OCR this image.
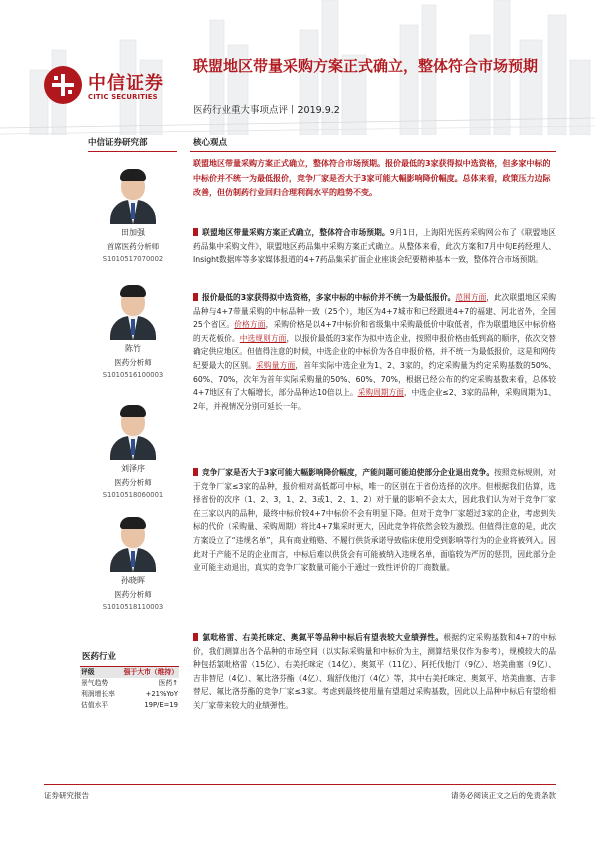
中信证券
CITIC SECURITIES
联盟地区带量采购方案正式确立，整体符合市场预期
医药行业重大事项点评丨2019.9.2
中信证券研究部	核心观点
田加强
首席医药分析师
S1010517070002
陈竹
医药分析师
S1010516100003
刘泽序
医药分析师
S1010518060001
孙晓晖
医药分析师
S1010518110003
医药行业
评级	强于大市（维持）
景气趋势	医药↑
利润增长率	+21%YoY
估值水平	19P/E=19
联盟地区带量采购方案正式确立，整体符合市场预期。报价最低的3家获得拟中选资格，但多家中标的中标价并不统一为最低报价，竞争厂家是否大于3家可能大幅影响降价幅度。总体来看，政策压力边际改善，但仿制药行业回归合理利润水平的趋势不变。
联盟地区带量采购方案正式确立，整体符合市场预期。9月1日，上海阳光医药采购网公布了《联盟地区药品集中采购文件》，联盟地区药品集中采购方案正式确立。从整体来看，此次方案和7月中旬E药经理人、Insight数据库等多家媒体报道的4+7药品集采扩面企业座谈会纪要精神基本一致，整体符合市场预期。
报价最低的3家获得拟中选资格，多家中标的中标价并不统一为最低报价。范围方面，此次联盟地区采购品种与4+7带量采购的中标品种一致（25个），地区为4+7城市和已经跟进4+7的福建、河北省外，全国25个省区。价格方面，采购价格是以4+7中标价和省级集中采购最低价中取低者，作为联盟地区中标价格的天花板价。中选规则方面，以报价最低的3家作为拟中选企业，按照申报价格由低到高的顺序，依次交替确定供应地区。但值得注意的时候，中选企业的中标价为各自申报价格，并不统一为最低报价，这是和网传纪要最大的区别。采购量方面，首年实际中选企业为1、2、3家的，约定采购量为约定采购基数的50%、60%、70%，次年为首年实际采购量的50%、60%、70%，根据已经公布的约定采购基数来看，总体较4+7地区有了大幅增长，部分品种达10倍以上。采购周期方面，中选企业≤2、3家的品种，采购周期为1、2年，并视情况分别可延长一年。
竞争厂家是否大于3家可能大幅影响降价幅度，产能问题可能迫使部分企业退出竞争。按照竞标规则，对于竞争厂家≤3家的品种，报价相对高低都可中标，唯一的区别在于省份选择的次序。但根据我们估算，选择省份的次序（1、2、3，1、2、3或1、2、1、2）对于量的影响不会太大，因此我们认为对于竞争厂家在三家以内的品种，最终中标价较4+7中标价不会有明显下降。但对于竞争厂家超过3家的企业，考虑到失标的代价（采购量、采购周期）将比4+7集采时更大，因此竞争将依然会较为激烈。但值得注意的是，此次方案设立了“违规名单”，具有商业贿赂、不履行供货承诺导致临床使用受到影响等行为的企业将被列入。因此对于产能不足的企业而言，中标后难以供货会有可能被纳入违规名单，面临较为严厉的惩罚，因此部分企业可能主动退出，真实的竞争厂家数量可能小于通过一致性评价的厂商数量。
氯吡格雷、右美托咪定、奥氮平等品种中标后有望表较大业绩弹性。根据约定采购基数和4+7的中标价，我们测算出各个品种的市场空间（以实际采购量和中标价为主，测算结果仅作为参考），规模较大的品种包括氯吡格雷（15亿）、右美托咪定（14亿）、奥氮平（11亿）、阿托伐他汀（9亿）、培美曲塞（9亿）、吉非替尼（4亿）、氟比洛芬酯（4亿）、瑞舒伐他汀（4亿）等，其中右美托咪定、奥氮平、培美曲塞、吉非替尼、氟比洛芬酯的竞争厂家≤3家。考虑到最终使用量有望超过采购基数，因此以上品种中标后有望给相关厂家带来较大的业绩弹性。
证券研究报告	请务必阅读正文之后的免责条款
